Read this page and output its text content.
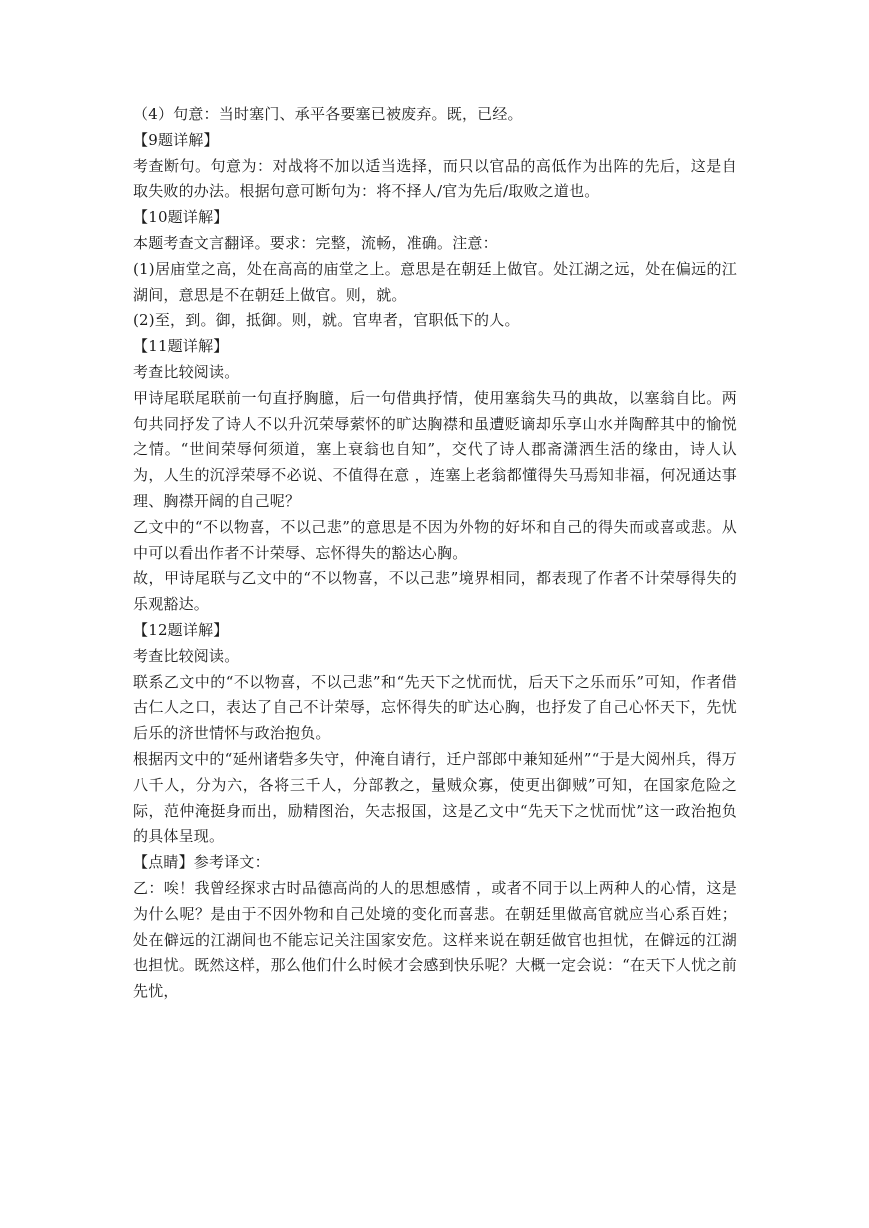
（4）句意：当时塞门、承平各要塞已被废弃。既，已经。

【9题详解】

考查断句。句意为：对战将不加以适当选择，而只以官品的高低作为出阵的先后，这是自取失败的办法。根据句意可断句为：将不择人/官为先后/取败之道也。

【10题详解】

本题考查文言翻译。要求：完整，流畅，准确。注意：

(1)居庙堂之高，处在高高的庙堂之上。意思是在朝廷上做官。处江湖之远，处在偏远的江湖间，意思是不在朝廷上做官。则，就。

(2)至，到。御，抵御。则，就。官卑者，官职低下的人。

【11题详解】

考查比较阅读。

甲诗尾联尾联前一句直抒胸臆，后一句借典抒情，使用塞翁失马的典故，以塞翁自比。两句共同抒发了诗人不以升沉荣辱萦怀的旷达胸襟和虽遭贬谪却乐享山水并陶醉其中的愉悦之情。“世间荣辱何须道，塞上衰翁也自知”，交代了诗人郡斋潇洒生活的缘由，诗人认为，人生的沉浮荣辱不必说、不值得在意 ，连塞上老翁都懂得失马焉知非福，何况通达事理、胸襟开阔的自己呢？

乙文中的“不以物喜，不以己悲”的意思是不因为外物的好坏和自己的得失而或喜或悲。从中可以看出作者不计荣辱、忘怀得失的豁达心胸。

故，甲诗尾联与乙文中的“不以物喜，不以己悲”境界相同，都表现了作者不计荣辱得失的乐观豁达。

【12题详解】

考查比较阅读。

联系乙文中的“不以物喜，不以己悲”和“先天下之忧而忧，后天下之乐而乐”可知，作者借古仁人之口，表达了自己不计荣辱，忘怀得失的旷达心胸，也抒发了自己心怀天下，先忧后乐的济世情怀与政治抱负。

根据丙文中的“延州诸砦多失守，仲淹自请行，迁户部郎中兼知延州”“于是大阅州兵，得万八千人，分为六，各将三千人，分部教之，量贼众寡，使更出御贼”可知，在国家危险之际，范仲淹挺身而出，励精图治，矢志报国，这是乙文中“先天下之忧而忧”这一政治抱负的具体呈现。

【点睛】参考译文：

乙：唉！我曾经探求古时品德高尚的人的思想感情 ，或者不同于以上两种人的心情，这是为什么呢？是由于不因外物和自己处境的变化而喜悲。在朝廷里做高官就应当心系百姓；处在僻远的江湖间也不能忘记关注国家安危。这样来说在朝廷做官也担忧，在僻远的江湖也担忧。既然这样，那么他们什么时候才会感到快乐呢？大概一定会说：“在天下人忧之前先忧，
